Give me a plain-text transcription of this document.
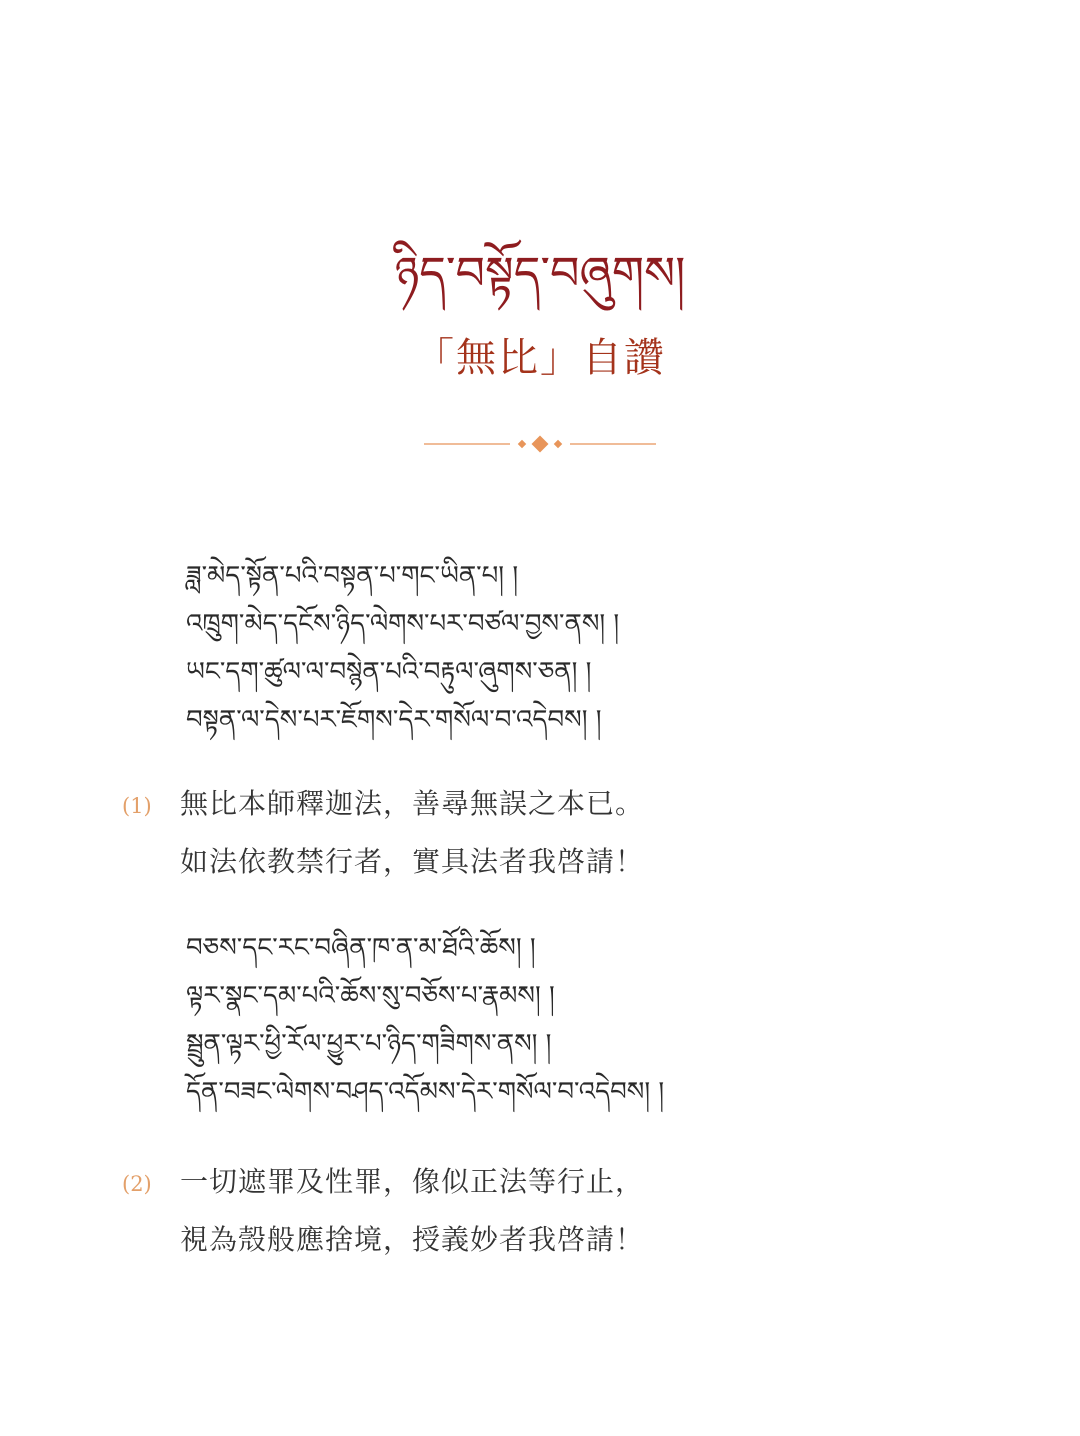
ཉིད་བསྟོད་བཞུགས།
「無比」自讚
ཟླ་མེད་སྟོན་པའི་བསྟན་པ་གང་ཡིན་པ། །
འཁྲུག་མེད་དངོས་ཉིད་ལེགས་པར་བཙལ་བྱས་ནས། །
ཡང་དག་ཚུལ་ལ་བསྙེན་པའི་བརྟུལ་ཞུགས་ཅན། །
བསྟན་ལ་དེས་པར་ཇོགས་དེར་གསོལ་བ་འདེབས། །
(1)	無比本師釋迦法，善尋無誤之本已。
如法依教禁行者，實具法者我啓請！
བཅས་དང་རང་བཞིན་ཁ་ན་མ་ཐོའི་ཆོས། །
ལྟར་སྣང་དམ་པའི་ཆོས་སུ་བཅོས་པ་རྣམས། །
སྦྲུན་ལྟར་ཕྱི་རོལ་ཕྱུར་པ་ཉིད་གཟིགས་ནས། །
དོན་བཟང་ལེགས་བཤད་འདོམས་དེར་གསོལ་བ་འདེབས། །
(2)	一切遮罪及性罪，像似正法等行止，
視為殼般應捨境，授義妙者我啓請！
